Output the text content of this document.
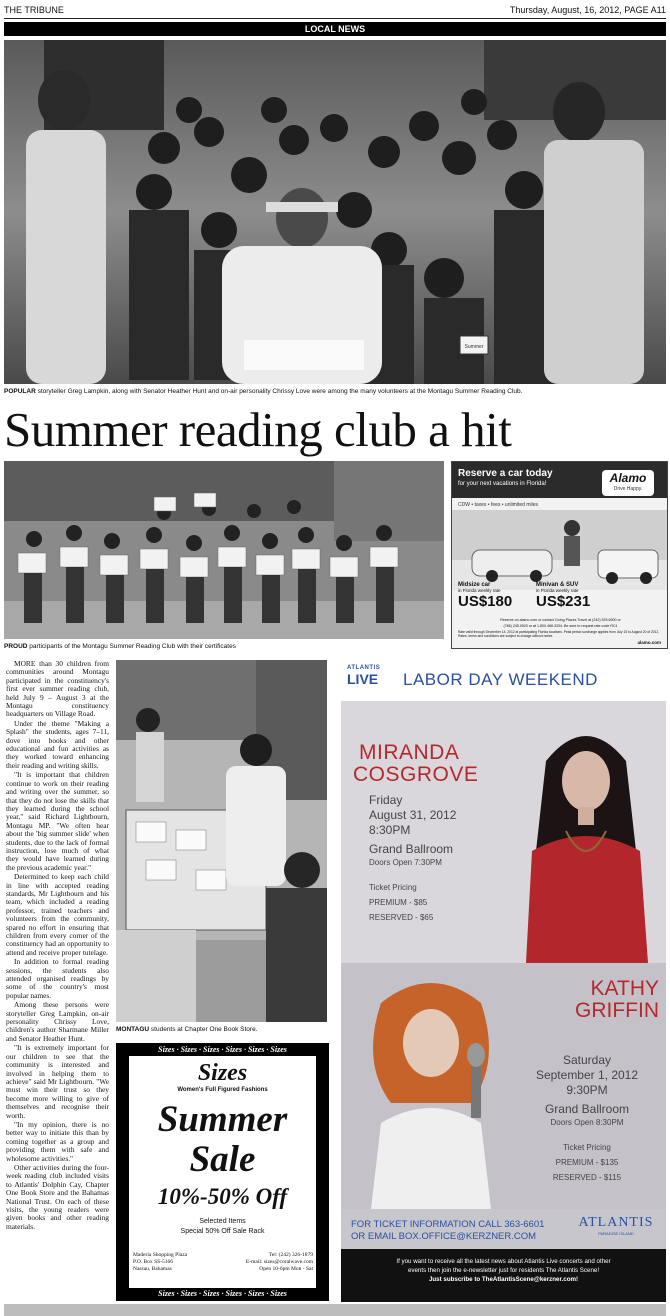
THE TRIBUNE	Thursday, August, 16, 2012, PAGE A11
LOCAL NEWS
Summer
POPULAR storyteller Greg Lampkin, along with Senator Heather Hunt and on-air personality Chrissy Love were among the many volunteers at the Montagu Summer Reading Club.
Summer reading club a hit
PROUD participants of the Montagu Summer Reading Club with their certificates

MORE than 30 children from communities around Montagu participated in the constituency's first ever summer reading club, held July 9 – August 3 at the Montagu constituency headquarters on Village Road.

Under the theme "Making a Splash" the students, ages 7–11, dove into books and other educational and fun activities as they worked toward enhancing their reading and writing skills.

"It is important that children continue to work on their reading and writing over the summer, so that they do not lose the skills that they learned during the school year," said Richard Lightbourn, Montagu MP. "We often hear about the 'big summer slide' when students, due to the lack of formal instruction, lose much of what they would have learned during the previous academic year."

Determined to keep each child in line with accepted reading standards, Mr Lightbourn and his team, which included a reading professor, trained teachers and volunteers from the community, spared no effort in ensuring that children from every corner of the constituency had an opportunity to attend and receive proper tutelage.

In addition to formal reading sessions, the students also attended organised readings by some of the country's most popular names.

Among these persons were storyteller Greg Lampkin, on-air personality Chrissy Love, children's author Sharmane Miller and Senator Heather Hunt.

"It is extremely important for our children to see that the community is interested and involved in helping them to achieve" said Mr Lightbourn. "We must win their trust so they become more willing to give of themselves and recognise their worth.

"In my opinion, there is no better way to initiate this than by coming together as a group and providing them with safe and wholesome activities."

Other activities during the four-week reading club included visits to Atlantis' Dolphin Cay, Chapter One Book Store and the Bahamas National Trust. On each of these visits, the young readers were given books and other reading materials.

MONTAGU students at Chapter One Book Store.
Reserve a car today
for your next vacations in Florida!
CDW • taxes • fees • unlimited miles
Alamo
Drive Happy.
Midsize car
in Florida weekly rate
US$180
Minivan & SUV
in Florida weekly rate
US$231
Reserve on alamo.com or contact Going Places Travel at (242) 393.6900 or
(786) 245.0520 or at 1.800.468.3334. Be sure to request rate code RC1
Rate valid through December 14, 2012 at participating Florida locations. Peak period surcharge applies from July 15 to August 20 of 2012. Rates, terms and conditions are subject to change without notice.
alamo.com
ATLANTIS
LIVE	LABOR DAY WEEKEND
MIRANDA
COSGROVE
Friday
August 31, 2012
8:30PM
Grand Ballroom
Doors Open 7:30PM
Ticket Pricing
PREMIUM - $85
RESERVED - $65
KATHY
GRIFFIN
Saturday
September 1, 2012
9:30PM
Grand Ballroom
Doors Open 8:30PM
Ticket Pricing
PREMIUM - $135
RESERVED - $115
FOR TICKET INFORMATION CALL 363-6601
OR EMAIL BOX.OFFICE@KERZNER.COM
ATLANTIS
PARADISE ISLAND
If you want to receive all the latest news about Atlantis Live concerts and other
events then join the e-newsletter just for residents The Atlantis Scene!
Just subscribe to TheAtlantisScene@kerzner.com!
Sizes · Sizes · Sizes · Sizes · Sizes · Sizes
Sizes · Sizes · Sizes · Sizes · Sizes · Sizes
Sizes
Women's Full Figured Fashions
Summer
Sale
10%-50% Off
Selected Items
Special 50% Off Sale Rack
Maderia Shopping Plaza
P.O. Box SS-5166
Nassau, Bahamas
Tel: (242) 326-1879
E-mail: sizes@coralwave.com
Open 10-6pm Mon - Sat
